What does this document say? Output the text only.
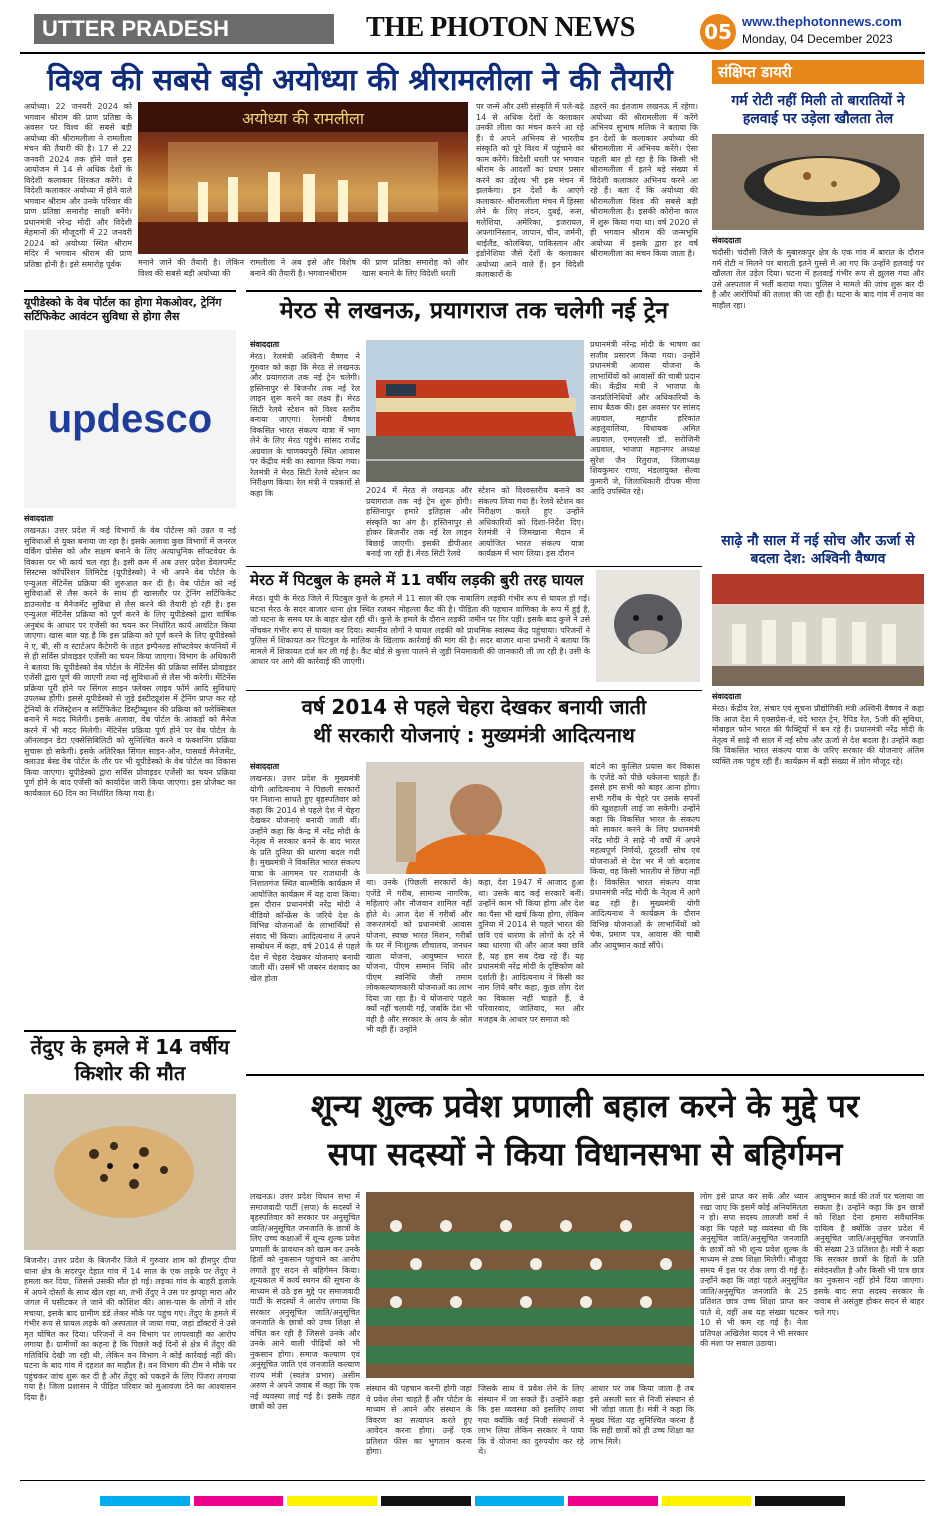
UTTER PRADESH	THE PHOTON NEWS	05 www.thephotonnews.com
Monday, 04 December 2023
विश्व की सबसे बड़ी अयोध्या की श्रीरामलीला ने की तैयारी
अयोध्या। 22 जनवरी 2024 को भगवान श्रीराम की प्राण प्रतिष्ठा के अवसर पर विश्व की सबसे बड़ी अयोध्या की श्रीरामलीला ने रामलीला मंचन की तैयारी की है। 17 से 22 जनवरी 2024 तक होने वाले इस आयोजन में 14 से अधिक देशों के विदेशी कलाकार शिरकत करेंगे। ये विदेशी कलाकार अयोध्या में होने वाले भगवान श्रीराम और उनके परिवार की प्राण प्रतिष्ठा समारोह साक्षी बनेंगे। प्रधानमंत्री नरेन्द्र मोदी और विदेशी मेहमानों की मौजूदगी में 22 जनवरी 2024 को अयोध्या स्थित श्रीराम मंदिर में भगवान श्रीराम की प्राण प्रतिष्ठा होनी है। इसे समारोह पूर्वक
अयोध्या की रामलीला
मनाने जाने की तैयारी है। लेकिन विश्व की सबसे बड़ी अयोध्या की
रामलीला ने अब इसे और विशेष बनाने की तैयारी है। भगवानश्रीराम
की प्राण प्रतिष्ठा समारोह को और खास बनाने के लिए विदेशी धरती
पर जन्मे और उसी संस्कृति में पले-बढ़े 14 से अधिक देशों के कलाकार उनकी लीला का मंचन करने आ रहे हैं। ये अपने अभिनय से भारतीय संस्कृति को पूरे विश्व में पहुंचाने का काम करेंगे। विदेशी धरती पर भगवान श्रीराम के आदर्शों का प्रचार प्रसार करने का उद्देश्य भी इस मंचन में झलकेगा। इन देशों के आएंगे कलाकार- श्रीरामलीला मंचन में हिस्सा लेने के लिए लंदन, दुबई, रूस, मलेशिया, अमेरिका, इजरायल, अफगानिस्तान, जापान, चीन, जर्मनी, थाईलैंड, कोलंबिया, पाकिस्तान और इंडोनेशिया जैसे देशों के कलाकार अयोध्या आने वाले हैं। इन विदेशी कलाकारों के
ठहरने का इंतजाम लखनऊ में रहेगा। अयोध्या की श्रीरामलीला में करेंगे अभिनय सुभाष मलिक ने बताया कि इन देशों के कलाकार अयोध्या की श्रीरामलीला में अभिनय करेंगे। ऐसा पहली बार हो रहा है कि किसी भी श्रीरामलीला में इतने बड़े संख्या में विदेशी कलाकार अभिनय करने आ रहे हैं। बता दें कि अयोध्या की श्रीरामलीला विश्व की सबसे बड़ी श्रीरामलीला है। इसकी कोरोना काल में शुरू किया गया था। वर्ष 2020 से ही भगवान श्रीराम की जन्मभूमि अयोध्या में इसके द्वारा हर वर्ष श्रीरामलीला का मंचन किया जाता है।
संक्षिप्त डायरी
गर्म रोटी नहीं मिली तो बारातियों ने हलवाई पर उड़ेला खौलता तेल
संवाददाता
चंदौसी। चंदौसी जिले के मुबारकपुर क्षेत्र के एक गांव में बारात के दौरान गर्म रोटी न मिलने पर बाराती इतने गुस्से में आ गए कि उन्होंने हलवाई पर खौलता तेल उड़ेल दिया। घटना में हलवाई गंभीर रूप से झुलस गया और उसे अस्पताल में भर्ती कराया गया। पुलिस ने मामले की जांच शुरू कर दी है और आरोपियों की तलाश की जा रही है। घटना के बाद गांव में तनाव का माहौल रहा।
साढ़े नौ साल में नई सोच और ऊर्जा से बदला देश: अश्विनी वैष्णव
संवाददाता
मेरठ। केंद्रीय रेल, संचार एवं सूचना प्रौद्योगिकी मंत्री अश्विनी वैष्णव ने कहा कि आज देश में एक्सप्रेस-वे, वंदे भारत ट्रेन, रैपिड रेल, 5जी की सुविधा, मोबाइल फोन भारत की फैक्ट्रियों में बन रहे हैं। प्रधानमंत्री नरेंद्र मोदी के नेतृत्व में साढ़े नौ साल में नई सोच और ऊर्जा से देश बदला है। उन्होंने कहा कि विकसित भारत संकल्प यात्रा के जरिए सरकार की योजनाएं अंतिम व्यक्ति तक पहुंच रही हैं। कार्यक्रम में बड़ी संख्या में लोग मौजूद रहे।
यूपीडेस्को के वेब पोर्टल का होगा मेकओवर, ट्रेनिंग सर्टिफिकेट आवंटन सुविधा से होगा लैस
updesco
संवाददाता
लखनऊ। उत्तर प्रदेश में कई विभागों के वेब पोर्टल्स को उन्नत व नई सुविधाओं से युक्त बनाया जा रहा है। इसके अलावा कुछ विभागों में जनरल वर्किंग प्रोसेस को और सक्षम बनाने के लिए अत्याधुनिक सॉफ्टवेयर के विकास पर भी कार्य चल रहा है। इसी क्रम में अब उत्तर प्रदेश डेवलपमेंट सिस्टम्स कॉर्पोरेशन लिमिटेड (यूपीडेस्को) ने भी अपने वेब पोर्टल के एन्युअल मेंटिनेंस प्रक्रिया की शुरुआत कर दी है। वेब पोर्टल को नई सुविधाओं से लैस करने के साथ ही खासतौर पर ट्रेनिंग सर्टिफिकेट डाउनलोड व मैनेजमेंट सुविधा से लैस करने की तैयारी हो रही है। इस एन्युअल मेंटिनेंस प्रक्रिया को पूर्ण करने के लिए यूपीडेस्को द्वारा वार्षिक अनुबंध के आधार पर एजेंसी का चयन कर निर्धारित कार्य आवंटित किया जाएगा। खास बात यह है कि इस प्रक्रिया को पूर्ण करने के लिए यूपीडेस्को ने ए, बी, सी व स्टार्टअप कैटेगरी के तहत इम्पैनल्ड सॉफ्टवेयर कंपनियों में से ही सर्विस प्रोवाइडर एजेंसी का चयन किया जाएगा। विभाग के अधिकारी ने बताया कि यूपीडेस्को वेब पोर्टल के मेंटिनेंस की प्रक्रिया सर्विस प्रोवाइडर एजेंसी द्वारा पूर्ण की जाएगी तथा नई सुविधाओं से लैस भी करेगी। मेंटिनेंस प्रक्रिया पूरी होने पर सिंगल साइन फ्लेक्स लाइव फॉर्म आदि सुविधाएं उपलब्ध होंगी। इससे यूपीडेस्को से जुड़े इंस्टीट्यूशंस में ट्रेनिंग प्राप्त कर रहे ट्रेनियों के रजिस्ट्रेशन व सर्टिफिकेट डिस्ट्रीब्यूशन की प्रक्रिया को फ्लेक्सिबल बनाने में मदद मिलेगी। इसके अलावा, वेब पोर्टल के आंकड़ों को मैनेज करने में भी मदद मिलेगी। मेंटिनेंस प्रक्रिया पूर्ण होने पर वेब पोर्टल के ऑनलाइन डेटा एक्सेसिबिलिटी को सुनिश्चित करने व फंक्शनिंग प्रक्रिया सुचारू हो सकेगी। इसके अतिरिक्त सिंगल साइन-ऑन, पासवर्ड मैनेजमेंट, क्लाउड बेस्ड वेब पोर्टल के तौर पर भी यूपीडेस्को के वेब पोर्टल का विकास किया जाएगा। यूपीडेस्को द्वारा सर्विस प्रोवाइडर एजेंसी का चयन प्रक्रिया पूर्ण होने के बाद एजेंसी को कार्यादेश जारी किया जाएगा। इस प्रोजेक्ट का कार्यकाल 60 दिन का निर्धारित किया गया है।
मेरठ से लखनऊ, प्रयागराज तक चलेगी नई ट्रेन
संवाददाता
मेरठ। रेलमंत्री अश्विनी वैष्णव ने गुरुवार को कहा कि मेरठ से लखनऊ और प्रयागराज तक नई ट्रेन चलेगी। हस्तिनापुर से बिजनौर तक नई रेल लाइन शुरू करने का लक्ष्य है। मेरठ सिटी रेलवे स्टेशन को विश्व स्तरीय बनाया जाएगा। रेलमंत्री वैष्णव विकसित भारत संकल्प यात्रा में भाग लेने के लिए मेरठ पहुंचे। सांसद राजेंद्र अग्रवाल के चाणक्यपुरी स्थित आवास पर केंद्रीय मंत्री का स्वागत किया गया। रेलमंत्री ने मेरठ सिटी रेलवे स्टेशन का निरीक्षण किया। रेल मंत्री ने पत्रकारों से कहा कि	2024 में मेरठ से लखनऊ और प्रयागराज तक नई ट्रेन शुरू होगी। हस्तिनापुर हमारे इतिहास और संस्कृति का अंग है। हस्तिनापुर से होकर बिजनौर तक नई रेल लाइन बिछाई जाएगी। इसकी डीपीआर बनाई जा रही है। मेरठ सिटी रेलवे
स्टेशन को विश्वस्तरीय बनाने का संकल्प लिया गया है। रेलवे स्टेशन का निरीक्षण करते हुए उन्होंने अधिकारियों को दिशा-निर्देश दिए। रेलमंत्री ने जिमखाना मैदान में आयोजित भारत संकल्प यात्रा कार्यक्रम में भाग लिया। इस दौरान
प्रधानमंत्री नरेन्द्र मोदी के भाषण का सजीव प्रसारण किया गया। उन्होंने प्रधानमंत्री आवास योजना के लाभार्थियों को आवासों की चाबी प्रदान की। केंद्रीय मंत्री ने भाजपा के जनप्रतिनिधियों और अधिकारियों के साथ बैठक की। इस अवसर पर सांसद अग्रवाल, महापौर हरिकांत अहलूवालिया, विधायक अमित अग्रवाल, एमएलसी डॉ. सरोजिनी अग्रवाल, भाजपा महानगर अध्यक्ष सुरेश जैन रितुराज, जिलाध्यक्ष शिवकुमार राणा, मंडलायुक्त सेल्वा कुमारी जे, जिलाधिकारी दीपक मीणा आदि उपस्थित रहे।
मेरठ में पिटबुल के हमले में 11 वर्षीय लड़की बुरी तरह घायल
मेरठ। यूपी के मेरठ जिले में पिटबुल कुत्ते के हमले में 11 साल की एक नाबालिग लड़की गंभीर रूप से घायल हो गई। घटना मेरठ के सदर बाजार थाना क्षेत्र स्थित रजबन मोहल्ला कैंट की है। पीड़िता की पहचान वाणिका के रूप में हुई है, जो घटना के समय घर के बाहर खेल रही थी। कुत्ते के हमले के दौरान लड़की जमीन पर गिर पड़ी। इसके बाद कुत्ते ने उसे नोंचकर गंभीर रूप से घायल कर दिया। स्थानीय लोगों ने घायल लड़की को प्राथमिक स्वास्थ्य केंद्र पहुंचाया। परिजनों ने पुलिस में शिकायत कर पिटबुल के मालिक के खिलाफ कार्रवाई की मांग की है। सदर बाजार थाना प्रभारी ने बताया कि मामले में शिकायत दर्ज कर ली गई है। कैंट बोर्ड से कुत्ता पालने से जुड़ी नियमावली की जानकारी ली जा रही है। उसी के आधार पर आगे की कार्रवाई की जाएगी।
वर्ष 2014 से पहले चेहरा देखकर बनायी जाती
थीं सरकारी योजनाएं : मुख्यमंत्री आदित्यनाथ
संवाददाता
लखनऊ। उत्तर प्रदेश के मुख्यमंत्री योगी आदित्यनाथ ने पिछली सरकारों पर निशाना साधते हुए बृहस्पतिवार को कहा कि 2014 से पहले देश में चेहरा देखकर योजनाएं बनायी जाती थीं। उन्होंने कहा कि केन्द्र में नरेंद्र मोदी के नेतृत्व में सरकार बनने के बाद भारत के प्रति दुनिया की धारणा बदल गयी है। मुख्यमंत्री ने विकसित भारत संकल्प यात्रा के आगमन पर राजधानी के निशातगंज स्थित बाल्मीकि कार्यक्रम में आयोजित कार्यक्रम में यह दावा किया। इस दौरान प्रधानमंत्री नरेंद्र मोदी ने वीडियो कॉन्फ्रेंस के जरिये देश के विभिन्न योजनाओं के लाभार्थियों से संवाद भी किया। आदित्यनाथ ने अपने सम्बोधन में कहा, वर्ष 2014 से पहले देश में चेहरा देखकर योजनाएं बनायी जाती थीं। उसमें भी जबरन वंशवाद का खेल होता
था। उनके (पिछली सरकारों के) एजेंडे में गरीब, सामान्य नागरिक, महिलाएं और नौजवान शामिल नहीं होते थे। आज देश में गरीबों और जरूरतमंदों को प्रधानमंत्री आवास योजना, स्वच्छ भारत मिशन, गरीबों के घर में निःशुल्क शौचालय, जनधन खाता योजना, आयुष्मान भारत योजना, पीएम सम्मान निधि और पीएम स्वनिधि जैसी तमाम लोककल्याणकारी योजनाओं का लाभ दिया जा रहा है। ये योजनाएं पहले क्यों नहीं चलायी गईं, जबकि देश भी वही है और सरकार के आय के स्रोत भी वही हैं। उन्होंने
कहा, देश 1947 में आजाद हुआ था। उसके बाद कई सरकारें बनीं। उन्होंने काम भी किया होगा और देश का पैसा भी खर्च किया होगा, लेकिन दुनिया में 2014 से पहले भारत की छवि एवं धारणा के लोगों के दरे में क्या धारणा थी और आज क्या छवि है, यह हम सब देख रहे हैं। यह प्रधानमंत्री नरेंद्र मोदी के दृष्टिकोण को दर्शाती है। आदित्यनाथ ने किसी का नाम लिये बगैर कहा, कुछ लोग देश का विकास नहीं चाहते हैं, वे परिवारवाद, जातिवाद, मत और मजहब के आधार पर समाज को
बांटने का कुत्सित प्रयास कर विकास के एजेंडे को पीछे धकेलना चाहते हैं। इससे हम सभी को बाहर आना होगा। सभी गरीब के चेहरे पर उसके सपनों की खुशहाली लाई जा सकेगी। उन्होंने कहा कि विकसित भारत के संकल्प को साकार करने के लिए प्रधानमंत्री नरेंद्र मोदी ने साढ़े नौ वर्षों में अपने महत्वपूर्ण निर्णयों, दूरदर्शी सोच एवं योजनाओं से देश भर में जो बदलाव किया, वह किसी भारतीय से छिपा नहीं है। विकसित भारत संकल्प यात्रा प्रधानमंत्री नरेंद्र मोदी के नेतृत्व में आगे बढ़ रही है। मुख्यमंत्री योगी आदित्यनाथ ने कार्यक्रम के दौरान विभिन्न योजनाओं के लाभार्थियों को चेक, प्रमाण पत्र, आवास की चाबी और आयुष्मान कार्ड सौंपे।
तेंदुए के हमले में 14 वर्षीय किशोर की मौत
बिजनौर। उत्तर प्रदेश के बिजनौर जिले में गुरुवार शाम को हीमपुर दीपा थाना क्षेत्र के सदरपुर देहात गांव में 14 साल के एक लड़के पर तेंदुए ने हमला कर दिया, जिससे उसकी मौत हो गई। लड़का गांव के बाहरी इलाके में अपने दोस्तों के साथ खेल रहा था, तभी तेंदुए ने उस पर झपट्टा मारा और जंगल में घसीटकर ले जाने की कोशिश की। आस-पास के लोगों ने शोर मचाया, इसके बाद ग्रामीण डंडे लेकर मौके पर पहुंच गए। तेंदुए के हमले में गंभीर रूप से घायल लड़के को अस्पताल ले जाया गया, जहां डॉक्टरों ने उसे मृत घोषित कर दिया। परिजनों ने वन विभाग पर लापरवाही का आरोप लगाया है। ग्रामीणों का कहना है कि पिछले कई दिनों से क्षेत्र में तेंदुए की गतिविधि देखी जा रही थी, लेकिन वन विभाग ने कोई कार्रवाई नहीं की। घटना के बाद गांव में दहशत का माहौल है। वन विभाग की टीम ने मौके पर पहुंचकर जांच शुरू कर दी है और तेंदुए को पकड़ने के लिए पिंजरा लगाया गया है। जिला प्रशासन ने पीड़ित परिवार को मुआवजा देने का आश्वासन दिया है।
शून्य शुल्क प्रवेश प्रणाली बहाल करने के मुद्दे पर
सपा सदस्यों ने किया विधानसभा से बहिर्गमन
लखनऊ। उत्तर प्रदेश विधान सभा में समाजवादी पार्टी (सपा) के सदस्यों ने बृहस्पतिवार को सरकार पर अनुसूचित जाति/अनुसूचित जनजाति के छात्रों के लिए उच्च कक्षाओं में शून्य शुल्क प्रवेश प्रणाली के प्रावधान को खत्म कर उनके हितों को नुकसान पहुंचाने का आरोप लगाते हुए सदन से बहिर्गमन किया। शून्यकाल में कार्य स्थगन की सूचना के माध्यम से उठे इस मुद्दे पर समाजवादी पार्टी के सदस्यों ने आरोप लगाया कि सरकार अनुसूचित जाति/अनुसूचित जनजाति के छात्रों को उच्च शिक्षा से वंचित कर रही है जिससे उनके और उनके आने वाली पीढ़ियों को भी नुकसान होगा। समाज कल्याण एवं अनुसूचित जाति एवं जनजाति कल्याण राज्य मंत्री (स्वतंत्र प्रभार) असीम अरुण ने अपने जवाब में कहा कि एक नई व्यवस्था लाई गई है। इसके तहत छात्रों को उस
संस्थान की पहचान करनी होगी जहां वे प्रवेश लेना चाहते हैं और पोर्टल के माध्यम से अपने और संस्थान के विवरण का सत्यापन करते हुए आवेदन करना होगा। उन्हें एक प्रतिशत फीस का भुगतान करना होगा।
जिसके साथ वे प्रवेश लेने के लिए संस्थान में जा सकते हैं। उन्होंने कहा कि इस व्यवस्था को इसलिए लाया गया क्योंकि कई निजी संस्थानों ने लाभ लिया लेकिन सरकार ने पाया कि वे योजना का दुरुपयोग कर रहे थे।
आधार पर जब किया जाता है तब इसे असली स्तर से निजी संस्थान से भी जोड़ा जाता है। मंत्री ने कहा कि मुख्य चिंता यह सुनिश्चित करना है कि सही छात्रों को ही उच्च शिक्षा का लाभ मिले।
लोग इसे प्राप्त कर सकें और ध्यान रखा जाए कि इसमें कोई अनियमितता न हो। सपा सदस्य लालजी वर्मा ने कहा कि पहले यह व्यवस्था थी कि अनुसूचित जाति/अनुसूचित जनजाति के छात्रों को भी शून्य प्रवेश शुल्क के माध्यम से उच्च शिक्षा मिलेगी। मौजूदा समय में इस पर रोक लगा दी गई है। उन्होंने कहा कि जहां पहले अनुसूचित जाति/अनुसूचित जनजाति के 25 प्रतिशत छात्र उच्च शिक्षा प्राप्त कर पाते थे, वहीं अब यह संख्या घटकर 10 से भी कम रह गई है। नेता प्रतिपक्ष अखिलेश यादव ने भी सरकार की मंशा पर सवाल उठाया।
आयुष्मान कार्ड की तर्ज पर चलाया जा सकता है। उन्होंने कहा कि इन छात्रों को शिक्षा देना हमारा संवैधानिक दायित्व है क्योंकि उत्तर प्रदेश में अनुसूचित जाति/अनुसूचित जनजाति की संख्या 23 प्रतिशत है। मंत्री ने कहा कि सरकार छात्रों के हितों के प्रति संवेदनशील है और किसी भी पात्र छात्र का नुकसान नहीं होने दिया जाएगा। इसके बाद सपा सदस्य सरकार के जवाब से असंतुष्ट होकर सदन से बाहर चले गए।
